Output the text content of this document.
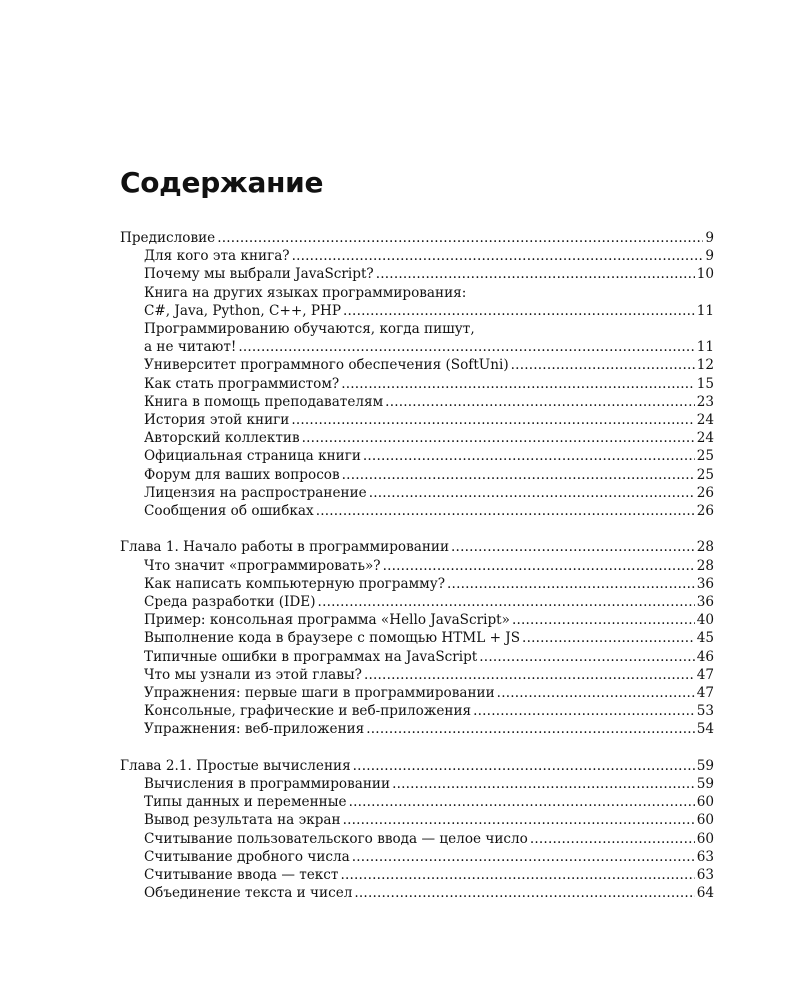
Содержание
Предисловие .....	9
Для кого эта книга? .....	9
Почему мы выбрали JavaScript? .....	10
Книга на других языках программирования:
C#, Java, Python, C++, PHP .....	11
Программированию обучаются, когда пишут,
а не читают! .....	11
Университет программного обеспечения (SoftUni) .....	12
Как стать программистом? .....	15
Книга в помощь преподавателям .....	23
История этой книги .....	24
Авторский коллектив .....	24
Официальная страница книги .....	25
Форум для ваших вопросов .....	25
Лицензия на распространение .....	26
Сообщения об ошибках .....	26
Глава 1. Начало работы в программировании .....	28
Что значит «программировать»? .....	28
Как написать компьютерную программу? .....	36
Среда разработки (IDE) .....	36
Пример: консольная программа «Hello JavaScript» .....	40
Выполнение кода в браузере с помощью HTML + JS .....	45
Типичные ошибки в программах на JavaScript .....	46
Что мы узнали из этой главы? .....	47
Упражнения: первые шаги в программировании .....	47
Консольные, графические и веб-приложения .....	53
Упражнения: веб-приложения .....	54
Глава 2.1. Простые вычисления .....	59
Вычисления в программировании .....	59
Типы данных и переменные .....	60
Вывод результата на экран .....	60
Считывание пользовательского ввода — целое число .....	60
Считывание дробного числа .....	63
Считывание ввода — текст .....	63
Объединение текста и чисел .....	64
